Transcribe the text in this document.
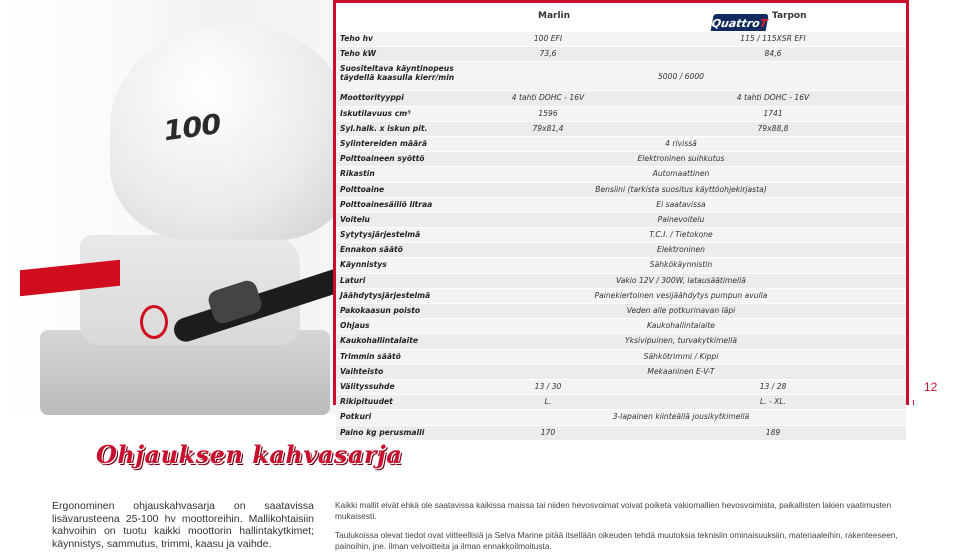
100
Quattro
T
Marlin	Tarpon
Teho hv	100 EFI	115 / 115XSR EFI
Teho kW	73,6	84,6
Suositeltava käyntinopeus täydellä kaasulla kierr/min	5000 / 6000
Moottorityyppi	4 tahti DOHC - 16V	4 tahti DOHC - 16V
Iskutilavuus cm³	1596	1741
Syl.halk. x iskun pit.	79x81,4	79x88,8
Sylintereiden määrä	4 rivissä
Polttoaineen syöttö	Elektroninen suihkutus
Rikastin	Automaattinen
Polttoaine	Bensiini (tarkista suositus käyttöohjekirjasta)
Polttoainesäiliö litraa	Ei saatavissa
Voitelu	Painevoitelu
Sytytysjärjestelmä	T.C.I. / Tietokone
Ennakon säätö	Elektroninen
Käynnistys	Sähkökäynnistin
Laturi	Vakio 12V / 300W, latausäätimellä
Jäähdytysjärjestelmä	Painekiertoinen vesijäähdytys pumpun avulla
Pakokaasun poisto	Veden alle potkurinavan läpi
Ohjaus	Kaukohallintalaite
Kaukohallintalaite	Yksivipuinen, turvakytkimellä
Trimmin säätö	Sähkötrimmi / Kippi
Vaihteisto	Mekaaninen E-V-T
Välityssuhde	13 / 30	13 / 28
Rikipituudet	L.	L. - XL.
Potkuri	3-lapainen kiinteällä jousikytkimellä
Paino kg perusmalli	170	189
12
Ohjauksen kahvasarja
Ergonominen ohjauskahvasarja on saatavissa lisävarusteena 25-100 hv moottoreihin. Mallikohtaisiin kahvoihin on tuotu kaikki moottorin hallintakytkimet; käynnistys, sammutus, trimmi, kaasu ja vaihde.

Kaikki mallit eivät ehkä ole saatavissa kaikissa maissa tai niiden hevosvoimat voivat poiketa vakiomallien hevosvoimista, paikallisten lakien vaatimusten mukaisesti.

Taulukoissa olevat tiedot ovat viitteellisiä ja Selva Marine pitää itsellään oikeuden tehdä muutoksia teknisiin ominaisuuksiin, materiaaleihin, rakenteeseen, painoihin, jne. ilman velvoitteita ja ilman ennakkoilmoitusta.
